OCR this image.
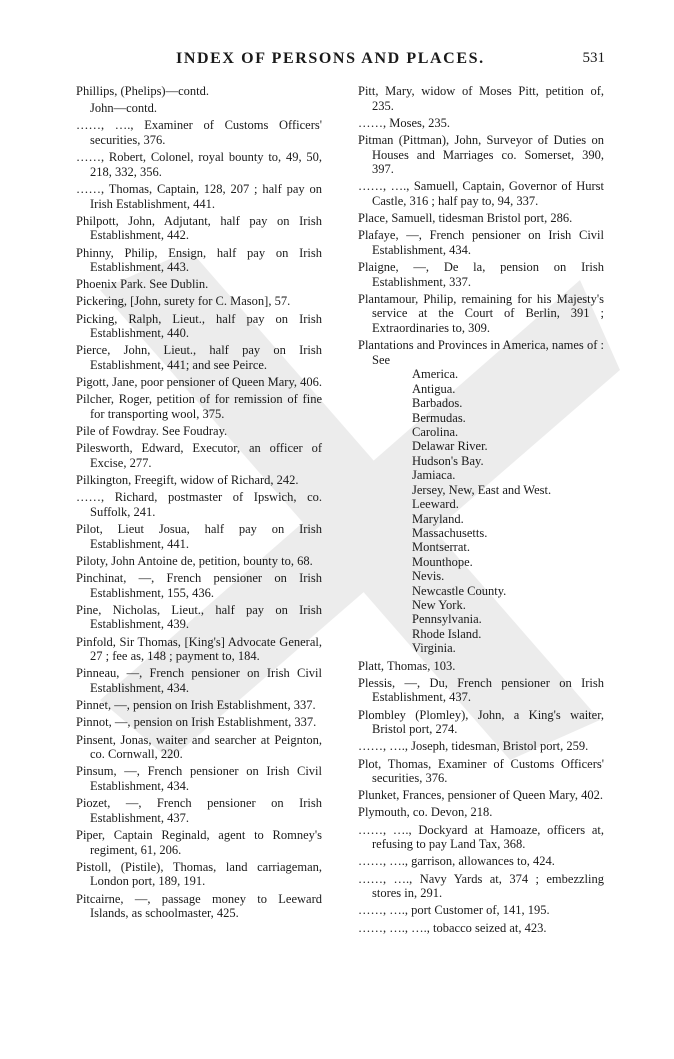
INDEX OF PERSONS AND PLACES.	531
Phillips, (Phelips)—contd.
John—contd.
……, …., Examiner of Customs Officers' securities, 376.
……, Robert, Colonel, royal bounty to, 49, 50, 218, 332, 356.
……, Thomas, Captain, 128, 207 ; half pay on Irish Establishment, 441.
Philpott, John, Adjutant, half pay on Irish Establishment, 442.
Phinny, Philip, Ensign, half pay on Irish Establishment, 443.
Phoenix Park. See Dublin.
Pickering, [John, surety for C. Mason], 57.
Picking, Ralph, Lieut., half pay on Irish Establishment, 440.
Pierce, John, Lieut., half pay on Irish Establishment, 441; and see Peirce.
Pigott, Jane, poor pensioner of Queen Mary, 406.
Pilcher, Roger, petition of for remission of fine for transporting wool, 375.
Pile of Fowdray. See Foudray.
Pilesworth, Edward, Executor, an officer of Excise, 277.
Pilkington, Freegift, widow of Richard, 242.
……, Richard, postmaster of Ipswich, co. Suffolk, 241.
Pilot, Lieut Josua, half pay on Irish Establishment, 441.
Piloty, John Antoine de, petition, bounty to, 68.
Pinchinat, —, French pensioner on Irish Establishment, 155, 436.
Pine, Nicholas, Lieut., half pay on Irish Establishment, 439.
Pinfold, Sir Thomas, [King's] Advocate General, 27 ; fee as, 148 ; payment to, 184.
Pinneau, —, French pensioner on Irish Civil Establishment, 434.
Pinnet, —, pension on Irish Establishment, 337.
Pinnot, —, pension on Irish Establishment, 337.
Pinsent, Jonas, waiter and searcher at Peignton, co. Cornwall, 220.
Pinsum, —, French pensioner on Irish Civil Establishment, 434.
Piozet, —, French pensioner on Irish Establishment, 437.
Piper, Captain Reginald, agent to Romney's regiment, 61, 206.
Pistoll, (Pistile), Thomas, land carriageman, London port, 189, 191.
Pitcairne, —, passage money to Leeward Islands, as schoolmaster, 425.
Pitt, Mary, widow of Moses Pitt, petition of, 235.
……, Moses, 235.
Pitman (Pittman), John, Surveyor of Duties on Houses and Marriages co. Somerset, 390, 397.
……, …., Samuell, Captain, Governor of Hurst Castle, 316 ; half pay to, 94, 337.
Place, Samuell, tidesman Bristol port, 286.
Plafaye, —, French pensioner on Irish Civil Establishment, 434.
Plaigne, —, De la, pension on Irish Establishment, 337.
Plantamour, Philip, remaining for his Majesty's service at the Court of Berlin, 391 ; Extraordinaries to, 309.
Plantations and Provinces in America, names of : See
America.
Antigua.
Barbados.
Bermudas.
Carolina.
Delawar River.
Hudson's Bay.
Jamiaca.
Jersey, New, East and West.
Leeward.
Maryland.
Massachusetts.
Montserrat.
Mounthope.
Nevis.
Newcastle County.
New York.
Pennsylvania.
Rhode Island.
Virginia.
Platt, Thomas, 103.
Plessis, —, Du, French pensioner on Irish Establishment, 437.
Plombley (Plomley), John, a King's waiter, Bristol port, 274.
……, …., Joseph, tidesman, Bristol port, 259.
Plot, Thomas, Examiner of Customs Officers' securities, 376.
Plunket, Frances, pensioner of Queen Mary, 402.
Plymouth, co. Devon, 218.
……, …., Dockyard at Hamoaze, officers at, refusing to pay Land Tax, 368.
……, …., garrison, allowances to, 424.
……, …., Navy Yards at, 374 ; embezzling stores in, 291.
……, …., port Customer of, 141, 195.
……, …., …., tobacco seized at, 423.
